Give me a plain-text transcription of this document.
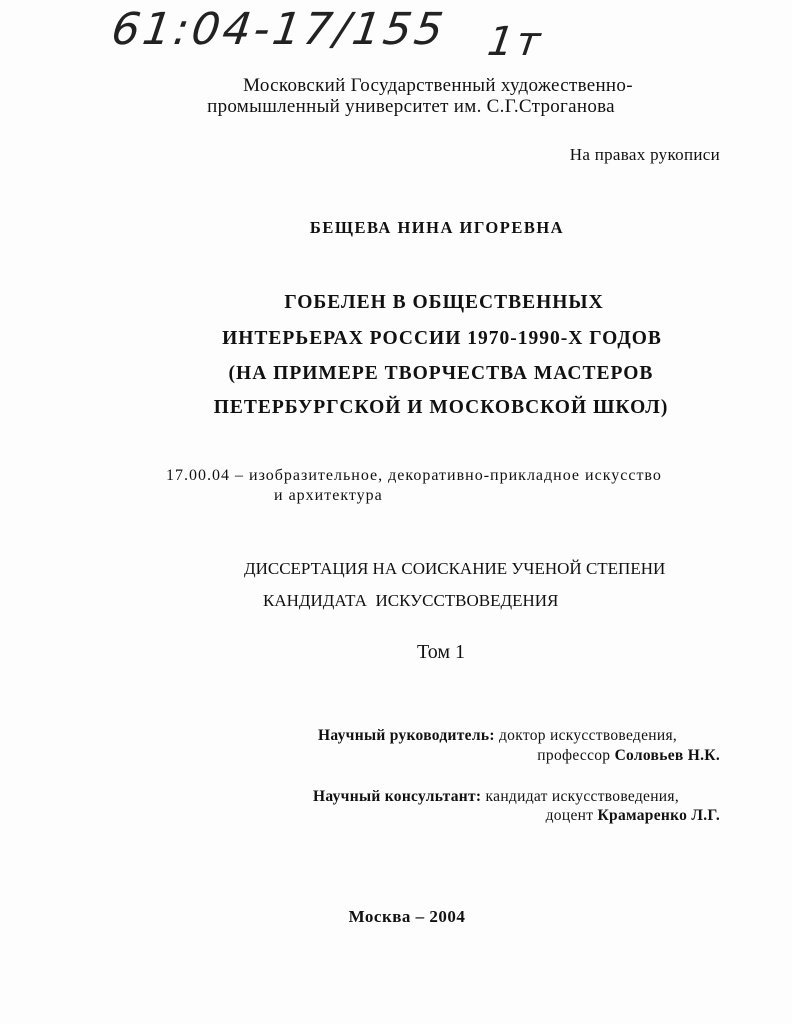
61:04-17/155 1т
Московский Государственный художественно-
промышленный университет им. С.Г.Строганова
На правах рукописи
БЕЩЕВА НИНА ИГОРЕВНА
ГОБЕЛЕН В ОБЩЕСТВЕННЫХ
ИНТЕРЬЕРАХ РОССИИ 1970-1990-Х ГОДОВ
(НА ПРИМЕРЕ ТВОРЧЕСТВА МАСТЕРОВ
ПЕТЕРБУРГСКОЙ И МОСКОВСКОЙ ШКОЛ)
17.00.04 – изобразительное, декоративно-прикладное искусство
и архитектура
ДИССЕРТАЦИЯ НА СОИСКАНИЕ УЧЕНОЙ СТЕПЕНИ
КАНДИДАТА  ИСКУССТВОВЕДЕНИЯ
Том 1
Научный руководитель: доктор искусствоведения,
профессор Соловьев Н.К.
Научный консультант: кандидат искусствоведения,
доцент Крамаренко Л.Г.
Москва – 2004
